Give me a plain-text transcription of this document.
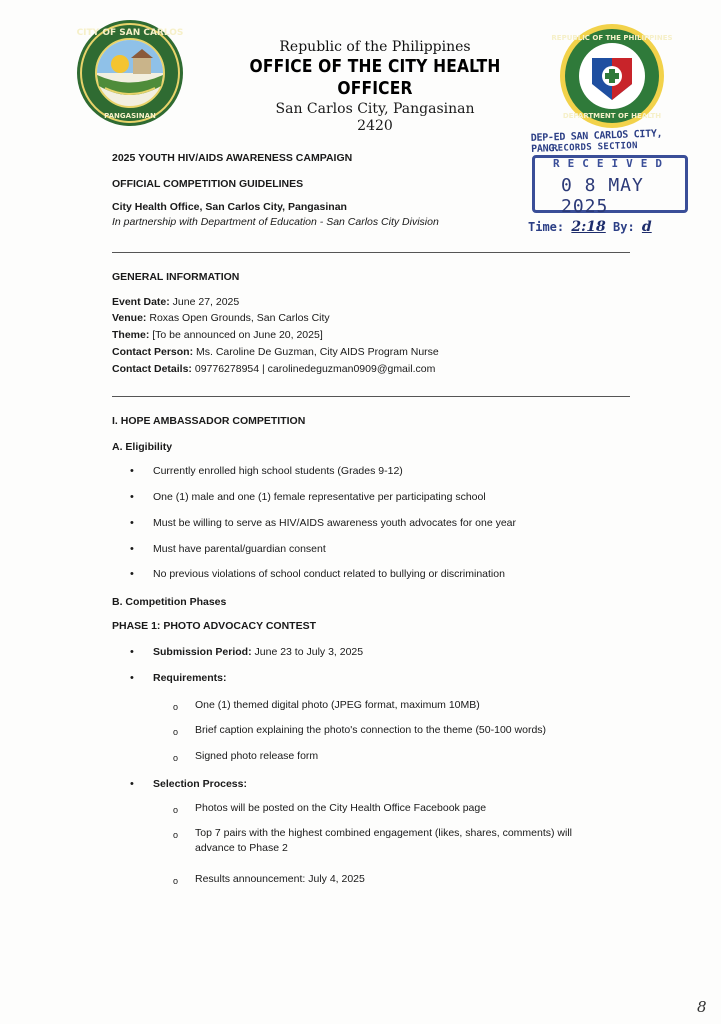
CITY OF SAN CARLOS
PANGASINAN
Republic of the Philippines
OFFICE OF THE CITY HEALTH OFFICER
San Carlos City, Pangasinan
2420
REPUBLIC OF THE PHILIPPINES
DEPARTMENT OF HEALTH
DEP-ED SAN CARLOS CITY, PANG.
RECORDS SECTION
RECEIVED
0 8 MAY 2025
Time: 2:18 By: d
2025 YOUTH HIV/AIDS AWARENESS CAMPAIGN
OFFICIAL COMPETITION GUIDELINES
City Health Office, San Carlos City, Pangasinan
In partnership with Department of Education - San Carlos City Division
GENERAL INFORMATION
Event Date: June 27, 2025
Venue: Roxas Open Grounds, San Carlos City
Theme: [To be announced on June 20, 2025]
Contact Person: Ms. Caroline De Guzman, City AIDS Program Nurse
Contact Details: 09776278954 | carolinedeguzman0909@gmail.com
I. HOPE AMBASSADOR COMPETITION
A. Eligibility
• Currently enrolled high school students (Grades 9-12)
• One (1) male and one (1) female representative per participating school
• Must be willing to serve as HIV/AIDS awareness youth advocates for one year
• Must have parental/guardian consent
• No previous violations of school conduct related to bullying or discrimination
B. Competition Phases
PHASE 1: PHOTO ADVOCACY CONTEST
• Submission Period: June 23 to July 3, 2025
• Requirements:
o One (1) themed digital photo (JPEG format, maximum 10MB)
o Brief caption explaining the photo's connection to the theme (50-100 words)
o Signed photo release form
• Selection Process:
o Photos will be posted on the City Health Office Facebook page
o Top 7 pairs with the highest combined engagement (likes, shares, comments) will
advance to Phase 2
o Results announcement: July 4, 2025
8
